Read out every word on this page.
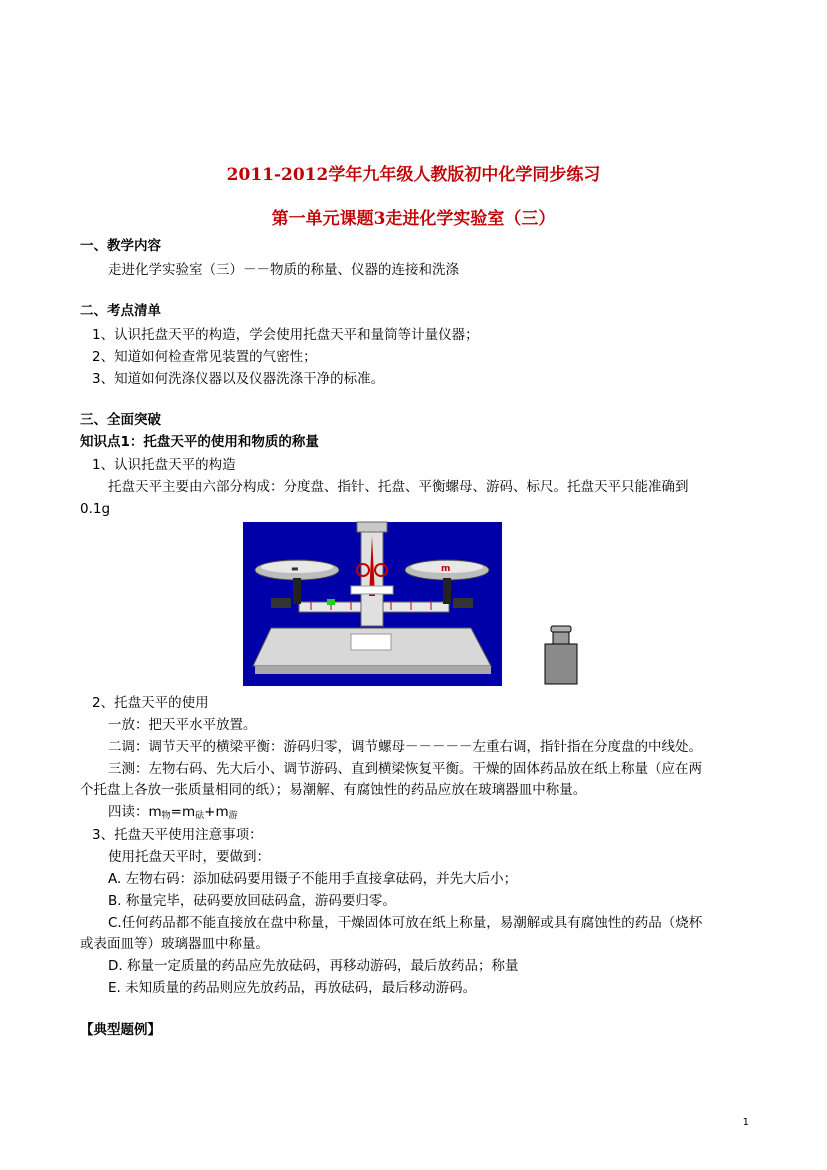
2011-2012学年九年级人教版初中化学同步练习
第一单元课题3走进化学实验室（三）
一、教学内容
走进化学实验室（三）－－物质的称量、仪器的连接和洗涤
二、考点清单
1、认识托盘天平的构造，学会使用托盘天平和量筒等计量仪器；
2、知道如何检查常见装置的气密性；
3、知道如何洗涤仪器以及仪器洗涤干净的标准。
三、全面突破
知识点1：托盘天平的使用和物质的称量
1、认识托盘天平的构造
托盘天平主要由六部分构成：分度盘、指针、托盘、平衡螺母、游码、标尺。托盘天平只能准确到
0.1g
▬	m
2、托盘天平的使用
一放：把天平水平放置。
二调：调节天平的横梁平衡：游码归零，调节螺母－－－－－左重右调，指针指在分度盘的中线处。
三测：左物右码、先大后小、调节游码、直到横梁恢复平衡。干燥的固体药品放在纸上称量（应在两
个托盘上各放一张质量相同的纸）；易潮解、有腐蚀性的药品应放在玻璃器皿中称量。
四读：$m_物=m_砝+m_游$
3、托盘天平使用注意事项：
使用托盘天平时，要做到：
A. 左物右码：添加砝码要用镊子不能用手直接拿砝码，并先大后小；
B. 称量完毕，砝码要放回砝码盒，游码要归零。
C.任何药品都不能直接放在盘中称量，干燥固体可放在纸上称量，易潮解或具有腐蚀性的药品（烧杯
或表面皿等）玻璃器皿中称量。
D. 称量一定质量的药品应先放砝码，再移动游码，最后放药品；称量
E. 未知质量的药品则应先放药品，再放砝码，最后移动游码。
【典型题例】
1
